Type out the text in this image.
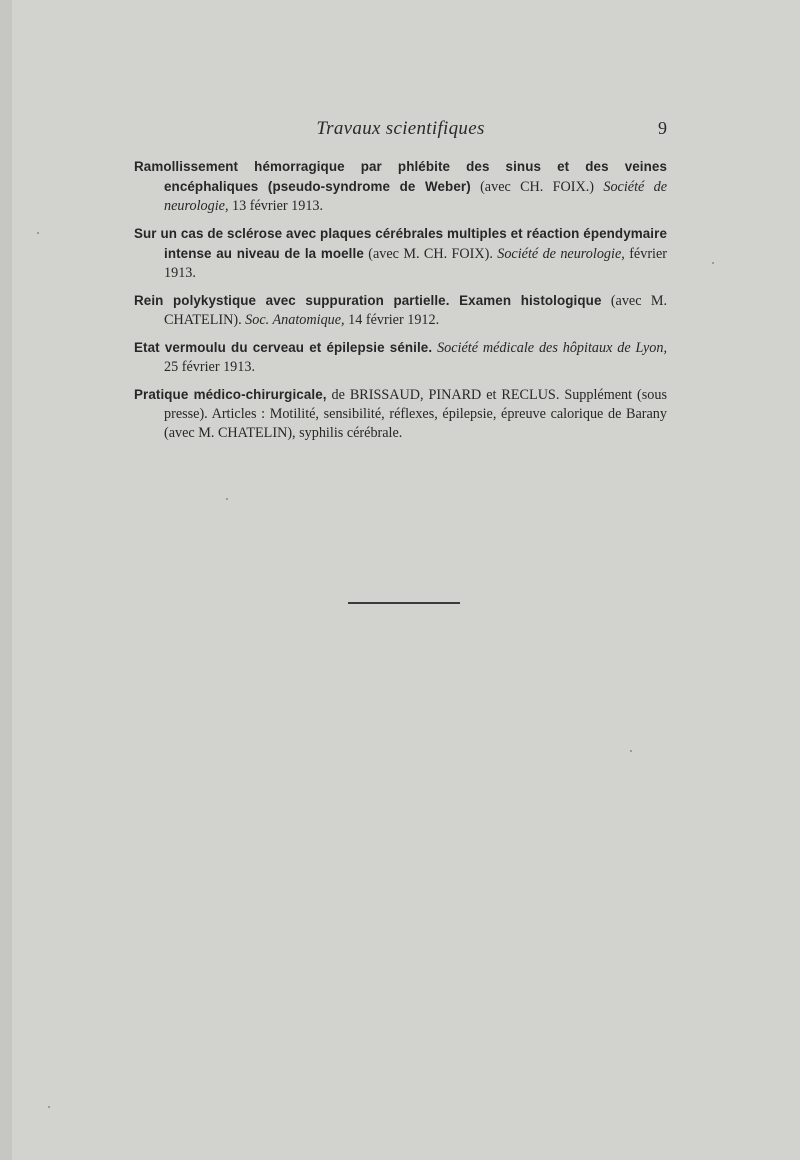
Travaux scientifiques	9

Ramollissement hémorragique par phlébite des sinus et des veines encéphaliques (pseudo-syndrome de Weber) (avec CH. FOIX.) Société de neurologie, 13 février 1913.

Sur un cas de sclérose avec plaques cérébrales multiples et réaction épendymaire intense au niveau de la moelle (avec M. CH. FOIX). Société de neurologie, février 1913.

Rein polykystique avec suppuration partielle. Examen histologique (avec M. CHATELIN). Soc. Anatomique, 14 février 1912.

Etat vermoulu du cerveau et épilepsie sénile. Société médicale des hôpitaux de Lyon, 25 février 1913.

Pratique médico-chirurgicale, de BRISSAUD, PINARD et RECLUS. Supplément (sous presse). Articles : Motilité, sensibilité, réflexes, épilepsie, épreuve calorique de Barany (avec M. CHATELIN), syphilis cérébrale.
